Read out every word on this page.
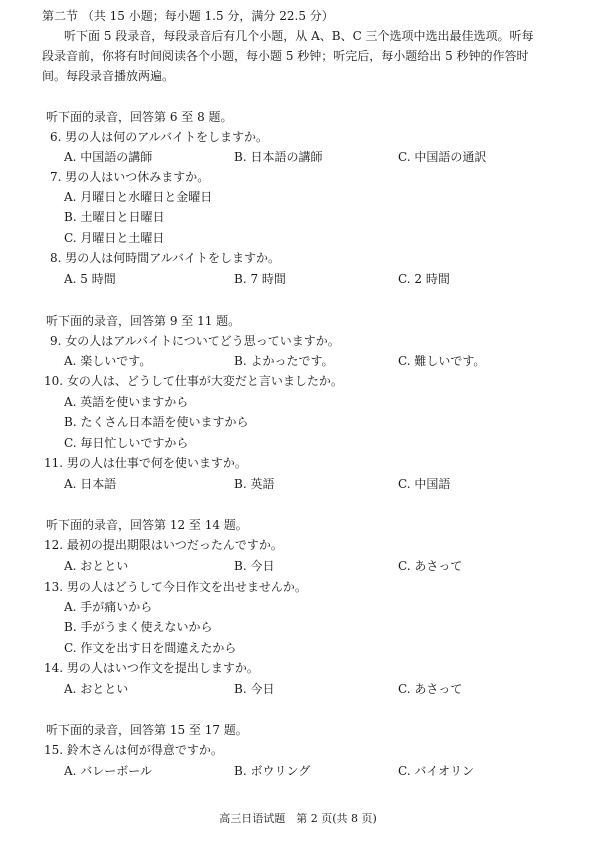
第二节 （共 15 小题；每小题 1.5 分，满分 22.5 分）
听下面 5 段录音，每段录音后有几个小题，从 A、B、C 三个选项中选出最佳选项。听每
段录音前，你将有时间阅读各个小题，每小题 5 秒钟；听完后，每小题给出 5 秒钟的作答时
间。每段录音播放两遍。
听下面的录音，回答第 6 至 8 题。
6. 男の人は何のアルバイトをしますか。
A. 中国語の講師	B. 日本語の講師	C. 中国語の通訳
7. 男の人はいつ休みますか。
A. 月曜日と水曜日と金曜日
B. 土曜日と日曜日
C. 月曜日と土曜日
8. 男の人は何時間アルバイトをしますか。
A. 5 時間	B. 7 時間	C. 2 時間
听下面的录音，回答第 9 至 11 题。
9. 女の人はアルバイトについてどう思っていますか。
A. 楽しいです。	B. よかったです。	C. 難しいです。
10. 女の人は、どうして仕事が大変だと言いましたか。
A. 英語を使いますから
B. たくさん日本語を使いますから
C. 毎日忙しいですから
11. 男の人は仕事で何を使いますか。
A. 日本語	B. 英語	C. 中国語
听下面的录音，回答第 12 至 14 题。
12. 最初の提出期限はいつだったんですか。
A. おととい	B. 今日	C. あさって
13. 男の人はどうして今日作文を出せませんか。
A. 手が痛いから
B. 手がうまく使えないから
C. 作文を出す日を間違えたから
14. 男の人はいつ作文を提出しますか。
A. おととい	B. 今日	C. あさって
听下面的录音，回答第 15 至 17 题。
15. 鈴木さんは何が得意ですか。
A. バレーボール	B. ボウリング	C. バイオリン
高三日语试题　第 2 页(共 8 页)
